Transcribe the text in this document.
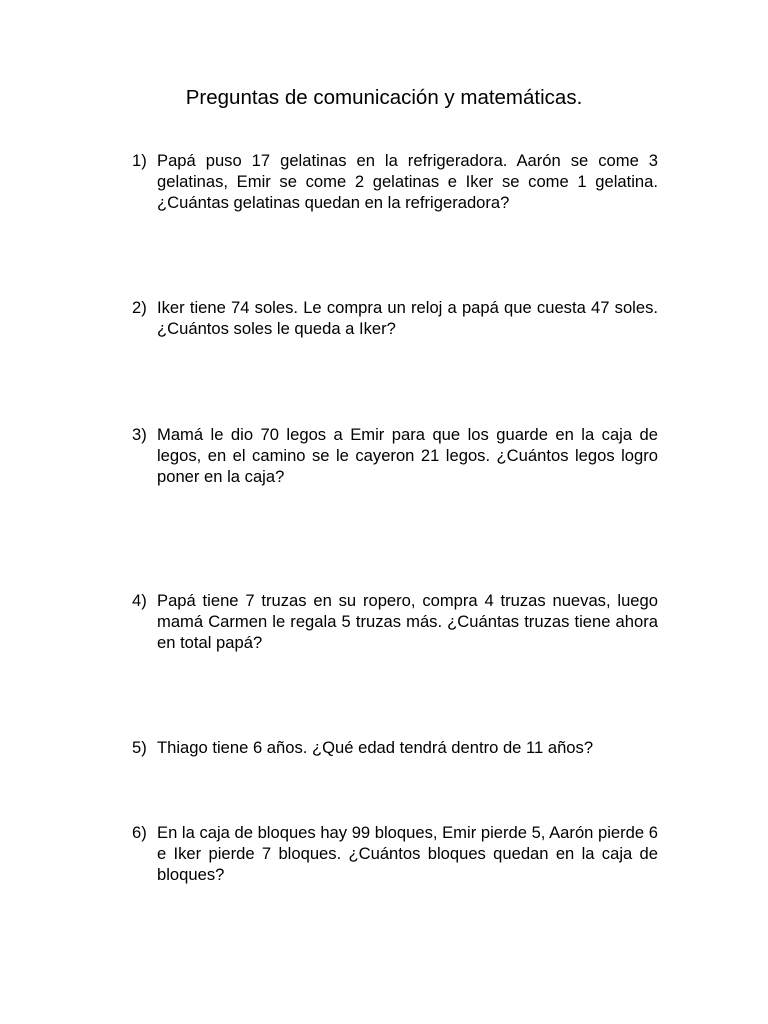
Preguntas de comunicación y matemáticas.
1) Papá puso 17 gelatinas en la refrigeradora. Aarón se come 3 gelatinas, Emir se come 2 gelatinas e Iker se come 1 gelatina. ¿Cuántas gelatinas quedan en la refrigeradora?
2) Iker tiene 74 soles. Le compra un reloj a papá que cuesta 47 soles. ¿Cuántos soles le queda a Iker?
3) Mamá le dio 70 legos a Emir para que los guarde en la caja de legos, en el camino se le cayeron 21 legos. ¿Cuántos legos logro poner en la caja?
4) Papá tiene 7 truzas en su ropero, compra 4 truzas nuevas, luego mamá Carmen le regala 5 truzas más. ¿Cuántas truzas tiene ahora en total papá?
5) Thiago tiene 6 años. ¿Qué edad tendrá dentro de 11 años?
6) En la caja de bloques hay 99 bloques, Emir pierde 5, Aarón pierde 6 e Iker pierde 7 bloques. ¿Cuántos bloques quedan en la caja de bloques?
